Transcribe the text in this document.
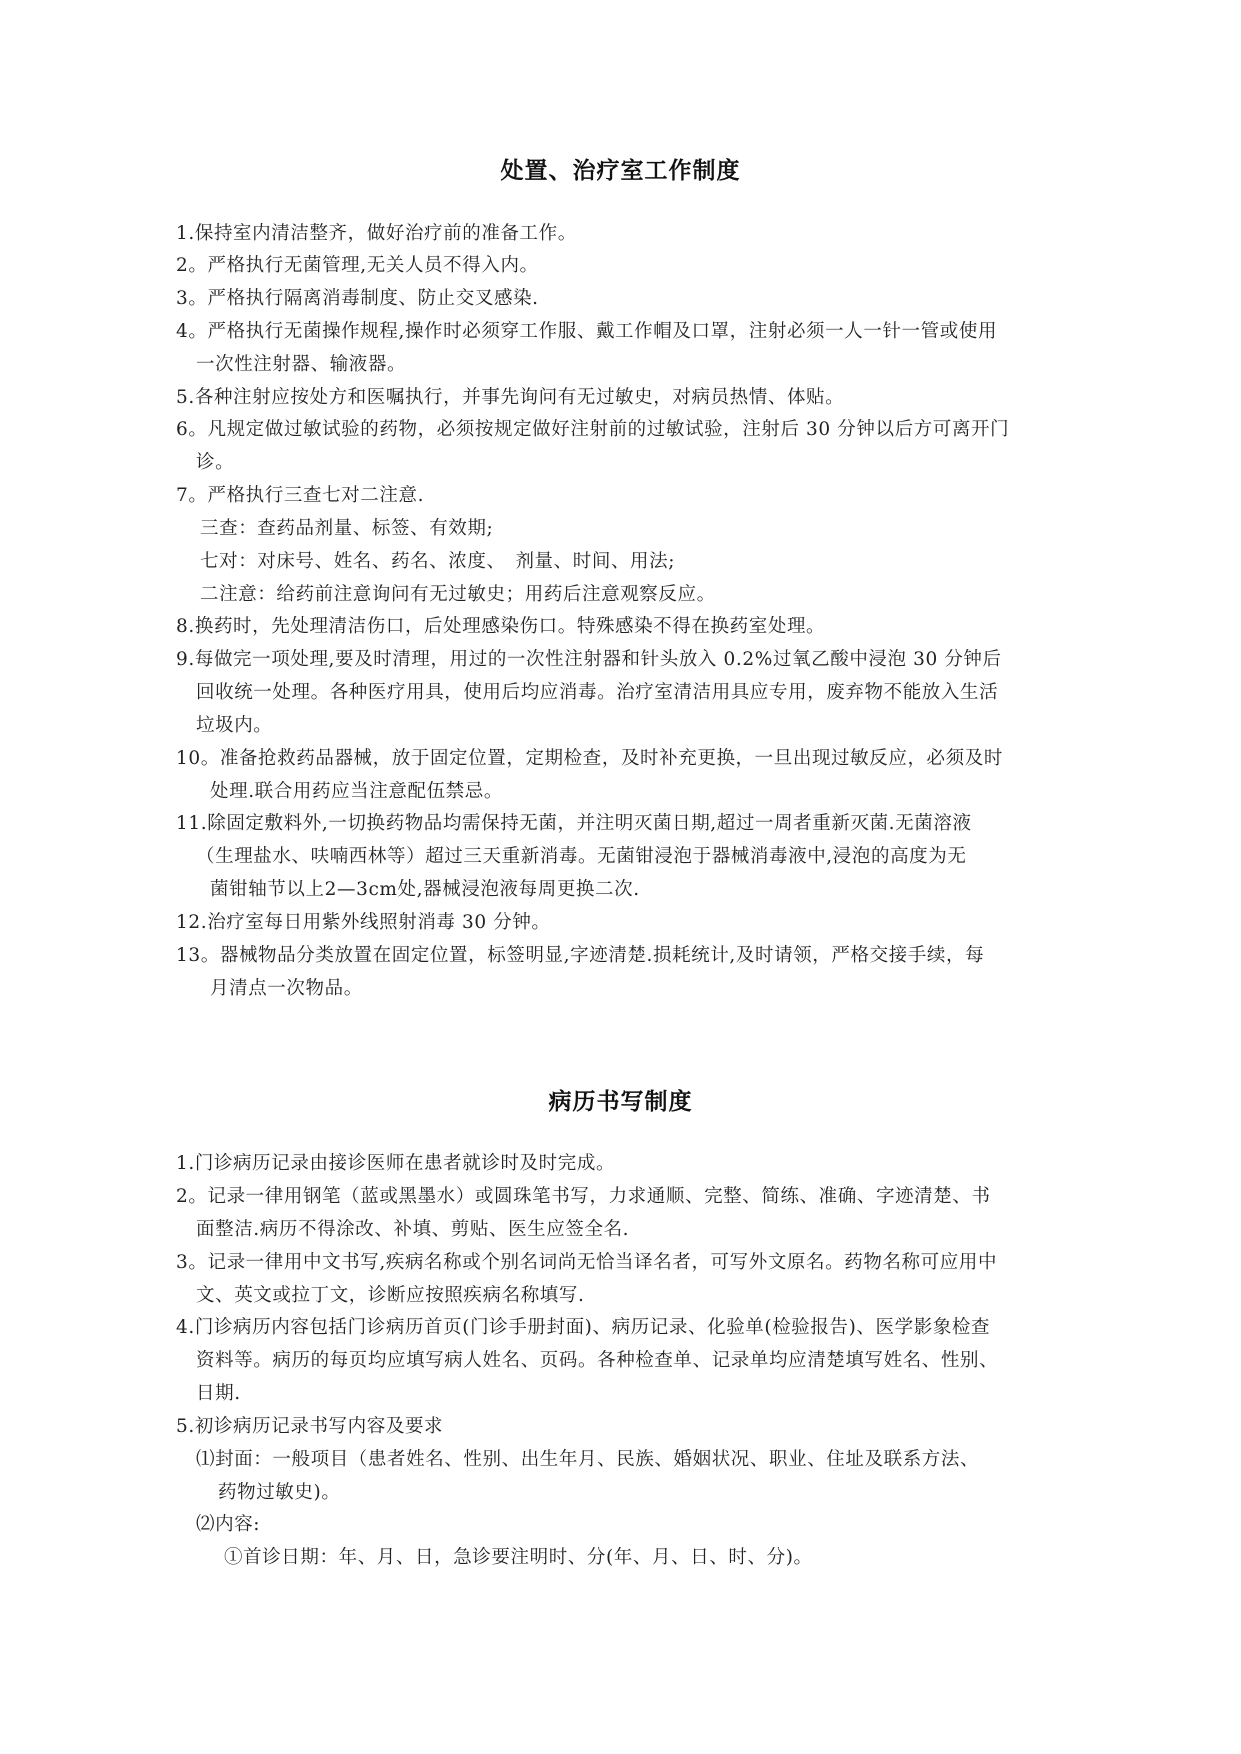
处置、治疗室工作制度

1.保持室内清洁整齐，做好治疗前的准备工作。

2。严格执行无菌管理,无关人员不得入内。

3。严格执行隔离消毒制度、防止交叉感染.

4。严格执行无菌操作规程,操作时必须穿工作服、戴工作帽及口罩，注射必须一人一针一管或使用

一次性注射器、输液器。

5.各种注射应按处方和医嘱执行，并事先询问有无过敏史，对病员热情、体贴。

6。凡规定做过敏试验的药物，必须按规定做好注射前的过敏试验，注射后 30 分钟以后方可离开门

诊。

7。严格执行三查七对二注意.

三查：查药品剂量、标签、有效期;

七对：对床号、姓名、药名、浓度、　剂量、时间、用法;

二注意：给药前注意询问有无过敏史；用药后注意观察反应。

8.换药时，先处理清洁伤口，后处理感染伤口。特殊感染不得在换药室处理。

9.每做完一项处理,要及时清理，用过的一次性注射器和针头放入 0.2%过氧乙酸中浸泡 30 分钟后

回收统一处理。各种医疗用具，使用后均应消毒。治疗室清洁用具应专用，废弃物不能放入生活

垃圾内。

10。准备抢救药品器械，放于固定位置，定期检查，及时补充更换，一旦出现过敏反应，必须及时

处理.联合用药应当注意配伍禁忌。

11.除固定敷料外,一切换药物品均需保持无菌，并注明灭菌日期,超过一周者重新灭菌.无菌溶液

（生理盐水、呋喃西林等）超过三天重新消毒。无菌钳浸泡于器械消毒液中,浸泡的高度为无

菌钳轴节以上2—3cm处,器械浸泡液每周更换二次.

12.治疗室每日用紫外线照射消毒 30 分钟。

13。器械物品分类放置在固定位置，标签明显,字迹清楚.损耗统计,及时请领，严格交接手续，每

月清点一次物品。

病历书写制度

1.门诊病历记录由接诊医师在患者就诊时及时完成。

2。记录一律用钢笔（蓝或黑墨水）或圆珠笔书写，力求通顺、完整、简练、准确、字迹清楚、书

面整洁.病历不得涂改、补填、剪贴、医生应签全名.

3。记录一律用中文书写,疾病名称或个别名词尚无恰当译名者，可写外文原名。药物名称可应用中

文、英文或拉丁文，诊断应按照疾病名称填写.

4.门诊病历内容包括门诊病历首页(门诊手册封面)、病历记录、化验单(检验报告)、医学影象检查

资料等。病历的每页均应填写病人姓名、页码。各种检查单、记录单均应清楚填写姓名、性别、

日期.

5.初诊病历记录书写内容及要求

⑴封面：一般项目（患者姓名、性别、出生年月、民族、婚姻状况、职业、住址及联系方法、

药物过敏史)。

⑵内容:

①首诊日期：年、月、日，急诊要注明时、分(年、月、日、时、分)。
